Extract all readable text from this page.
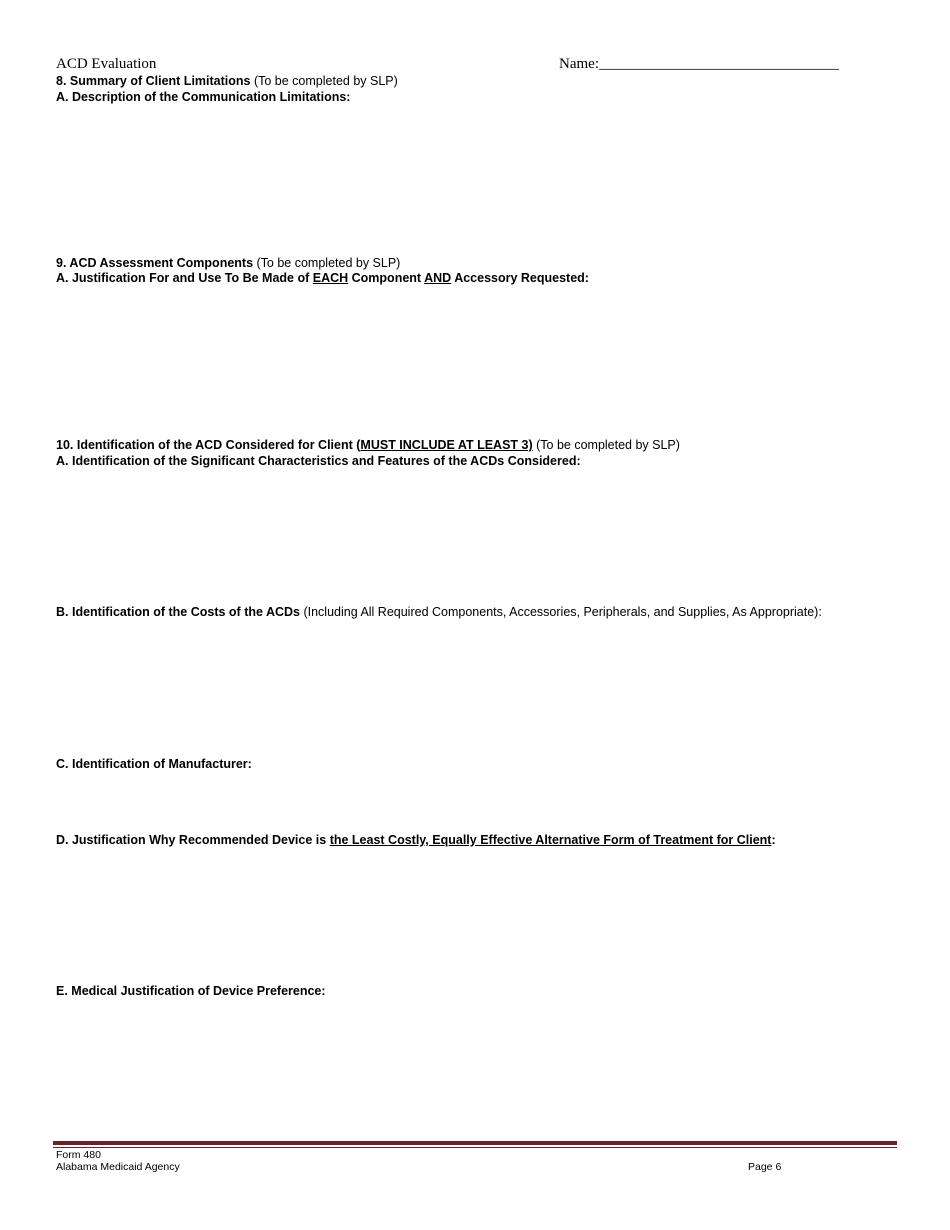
ACD Evaluation	Name:________________________________
8. Summary of Client Limitations (To be completed by SLP)
A. Description of the Communication Limitations:
9. ACD Assessment Components (To be completed by SLP)
A. Justification For and Use To Be Made of EACH Component AND Accessory Requested:
10. Identification of the ACD Considered for Client (MUST INCLUDE AT LEAST 3) (To be completed by SLP)
A. Identification of the Significant Characteristics and Features of the ACDs Considered:
B. Identification of the Costs of the ACDs (Including All Required Components, Accessories, Peripherals, and Supplies, As Appropriate):
C. Identification of Manufacturer:
D. Justification Why Recommended Device is the Least Costly, Equally Effective Alternative Form of Treatment for Client:
E. Medical Justification of Device Preference:
Form 480
Alabama Medicaid Agency	Page 6
